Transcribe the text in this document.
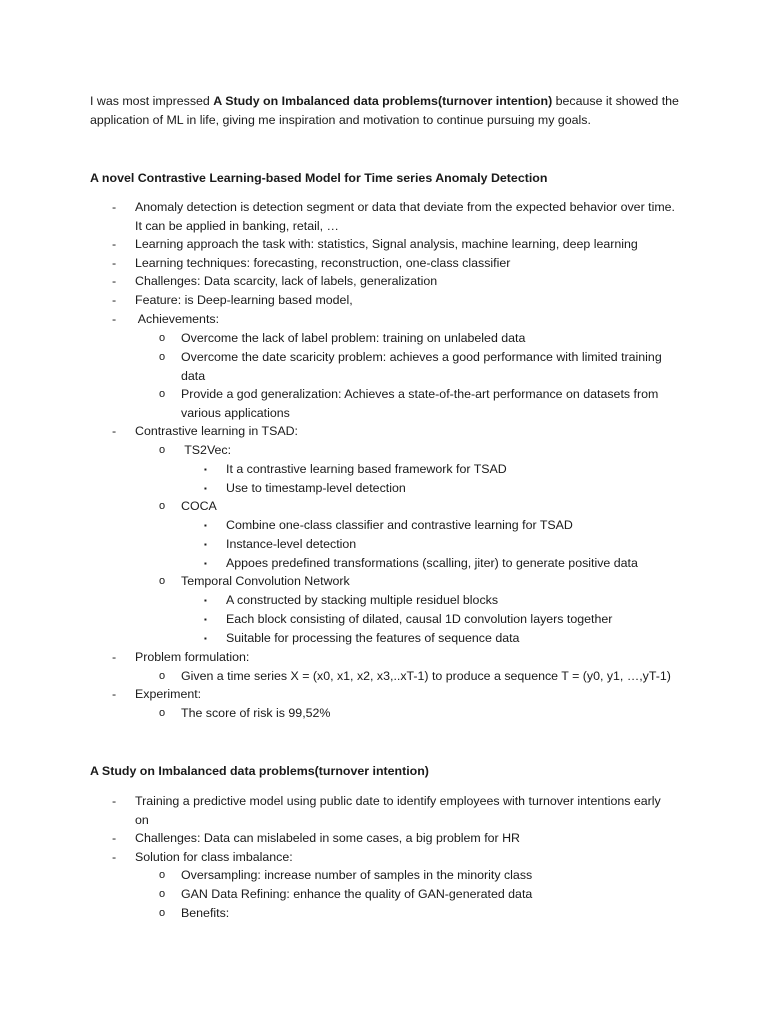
I was most impressed A Study on Imbalanced data problems(turnover intention) because it showed the application of ML in life, giving me inspiration and motivation to continue pursuing my goals.
A novel Contrastive Learning-based Model for Time series Anomaly Detection
- Anomaly detection is detection segment or data that deviate from the expected behavior over time. It can be applied in banking, retail, …
- Learning approach the task with: statistics, Signal analysis, machine learning, deep learning
- Learning techniques: forecasting, reconstruction, one-class classifier
- Challenges: Data scarcity, lack of labels, generalization
- Feature: is Deep-learning based model,
- Achievements:
o Overcome the lack of label problem: training on unlabeled data
o Overcome the date scaricity problem: achieves a good performance with limited training data
o Provide a god generalization: Achieves a state-of-the-art performance on datasets from various applications
- Contrastive learning in TSAD:
o TS2Vec:
▪ It a contrastive learning based framework for TSAD
▪ Use to timestamp-level detection
o COCA
▪ Combine one-class classifier and contrastive learning for TSAD
▪ Instance-level detection
▪ Appoes predefined transformations (scalling, jiter) to generate positive data
o Temporal Convolution Network
▪ A constructed by stacking multiple residuel blocks
▪ Each block consisting of dilated, causal 1D convolution layers together
▪ Suitable for processing the features of sequence data
- Problem formulation:
o Given a time series X = (x0, x1, x2, x3,..xT-1) to produce a sequence T = (y0, y1, …,yT-1)
- Experiment:
o The score of risk is 99,52%
A Study on Imbalanced data problems(turnover intention)
- Training a predictive model using public date to identify employees with turnover intentions early on
- Challenges: Data can mislabeled in some cases, a big problem for HR
- Solution for class imbalance:
o Oversampling: increase number of samples in the minority class
o GAN Data Refining: enhance the quality of GAN-generated data
o Benefits:
